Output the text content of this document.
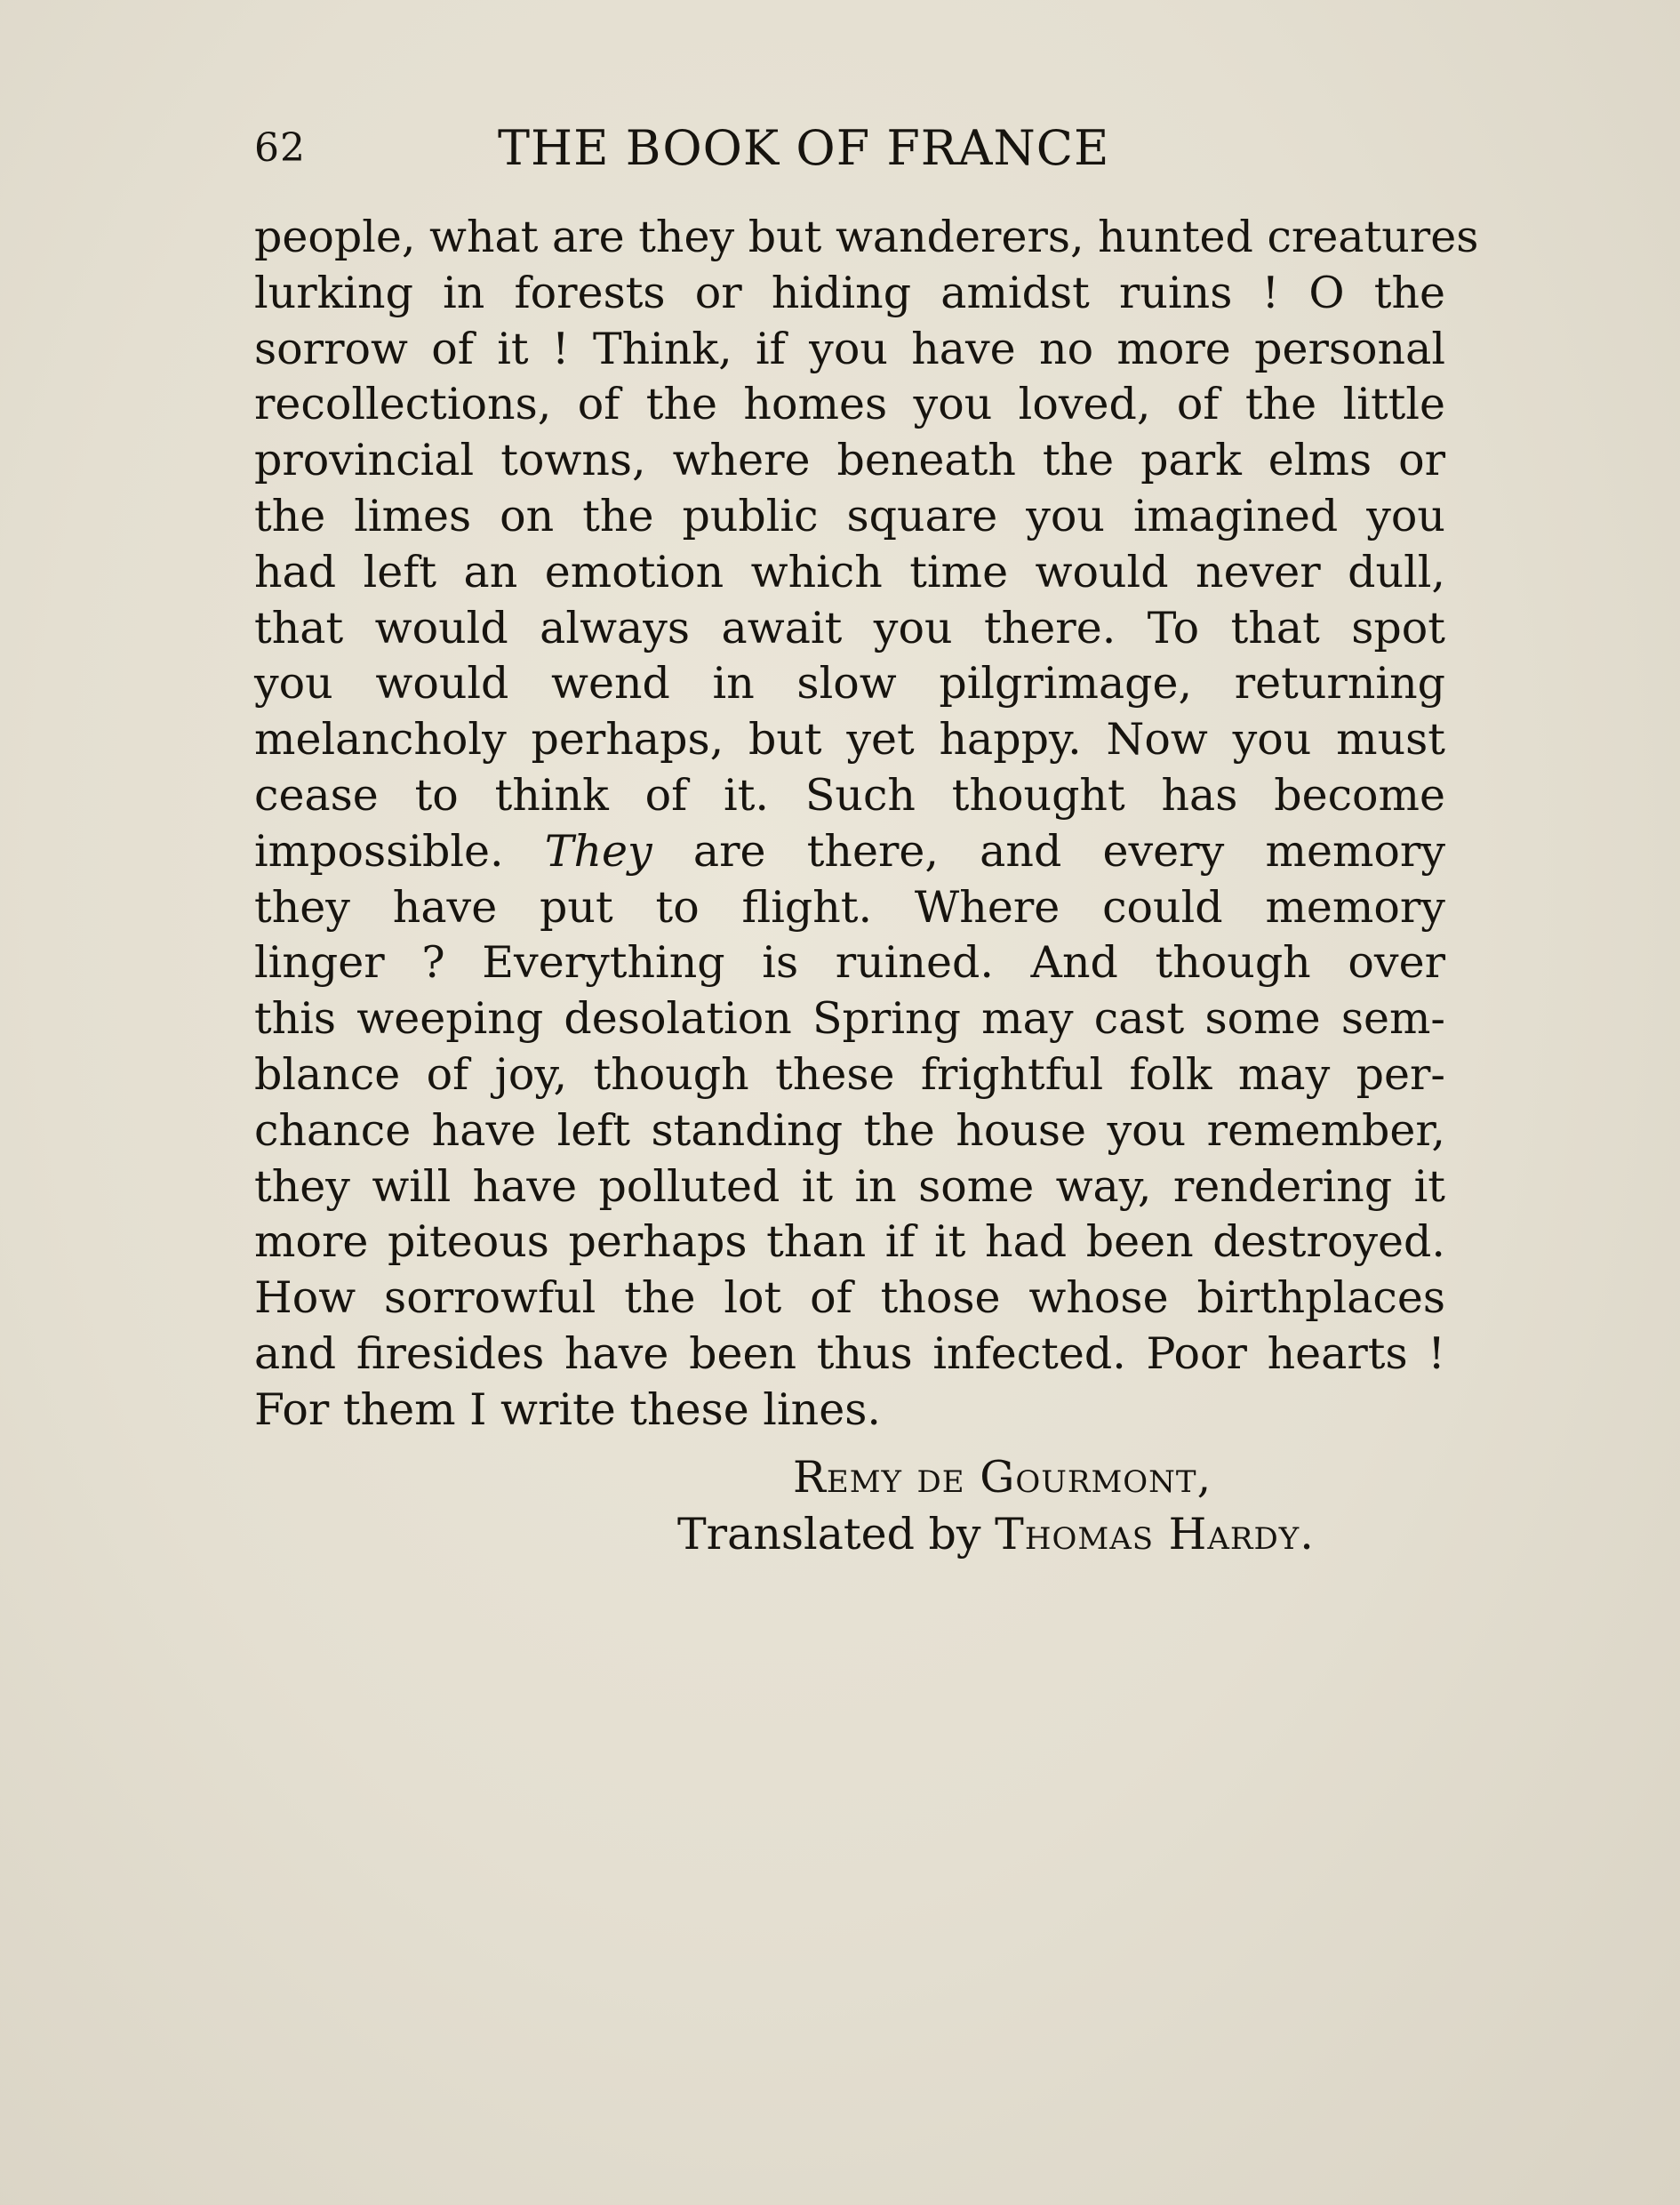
62	THE BOOK OF FRANCE
people, what are they but wanderers, hunted creatures
lurking in forests or hiding amidst ruins ! O the
sorrow of it ! Think, if you have no more personal
recollections, of the homes you loved, of the little
provincial towns, where beneath the park elms or
the limes on the public square you imagined you
had left an emotion which time would never dull,
that would always await you there. To that spot
you would wend in slow pilgrimage, returning
melancholy perhaps, but yet happy. Now you must
cease to think of it. Such thought has become
impossible. They are there, and every memory
they have put to flight. Where could memory
linger ? Everything is ruined. And though over
this weeping desolation Spring may cast some sem-
blance of joy, though these frightful folk may per-
chance have left standing the house you remember,
they will have polluted it in some way, rendering it
more piteous perhaps than if it had been destroyed.
How sorrowful the lot of those whose birthplaces
and firesides have been thus infected. Poor hearts !
For them I write these lines.
Remy de Gourmont,
Translated by Thomas Hardy.
